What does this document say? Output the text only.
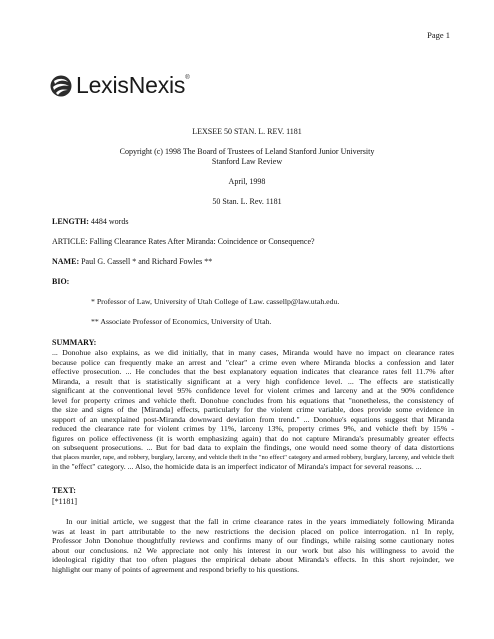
Page 1
LexisNexis®
LEXSEE 50 STAN. L. REV. 1181
Copyright (c) 1998 The Board of Trustees of Leland Stanford Junior University
Stanford Law Review
April, 1998
50 Stan. L. Rev. 1181
LENGTH: 4484 words
ARTICLE: Falling Clearance Rates After Miranda: Coincidence or Consequence?
NAME: Paul G. Cassell * and Richard Fowles **
BIO:
* Professor of Law, University of Utah College of Law. cassellp@law.utah.edu.
** Associate Professor of Economics, University of Utah.
SUMMARY:
... Donohue also explains, as we did initially, that in many cases, Miranda would have no impact on clearance rates
because police can frequently make an arrest and "clear" a crime even where Miranda blocks a confession and later
effective prosecution. ... He concludes that the best explanatory equation indicates that clearance rates fell 11.7% after
Miranda, a result that is statistically significant at a very high confidence level. ... The effects are statistically
significant at the conventional level 95% confidence level for violent crimes and larceny and at the 90% confidence
level for property crimes and vehicle theft. Donohue concludes from his equations that "nonetheless, the consistency of
the size and signs of the [Miranda] effects, particularly for the violent crime variable, does provide some evidence in
support of an unexplained post-Miranda downward deviation from trend." ... Donohue's equations suggest that Miranda
reduced the clearance rate for violent crimes by 11%, larceny 13%, property crimes 9%, and vehicle theft by 15% -
figures on police effectiveness (it is worth emphasizing again) that do not capture Miranda's presumably greater effects
on subsequent prosecutions. ... But for bad data to explain the findings, one would need some theory of data distortions
that places murder, rape, and robbery, burglary, larceny, and vehicle theft in the "no effect" category and armed robbery, burglary, larceny, and vehicle theft
in the "effect" category. ... Also, the homicide data is an imperfect indicator of Miranda's impact for several reasons. ...
TEXT:
[*1181]
In our initial article, we suggest that the fall in crime clearance rates in the years immediately following Miranda
was at least in part attributable to the new restrictions the decision placed on police interrogation. n1 In reply,
Professor John Donohue thoughtfully reviews and confirms many of our findings, while raising some cautionary notes
about our conclusions. n2 We appreciate not only his interest in our work but also his willingness to avoid the
ideological rigidity that too often plagues the empirical debate about Miranda's effects. In this short rejoinder, we
highlight our many of points of agreement and respond briefly to his questions.
